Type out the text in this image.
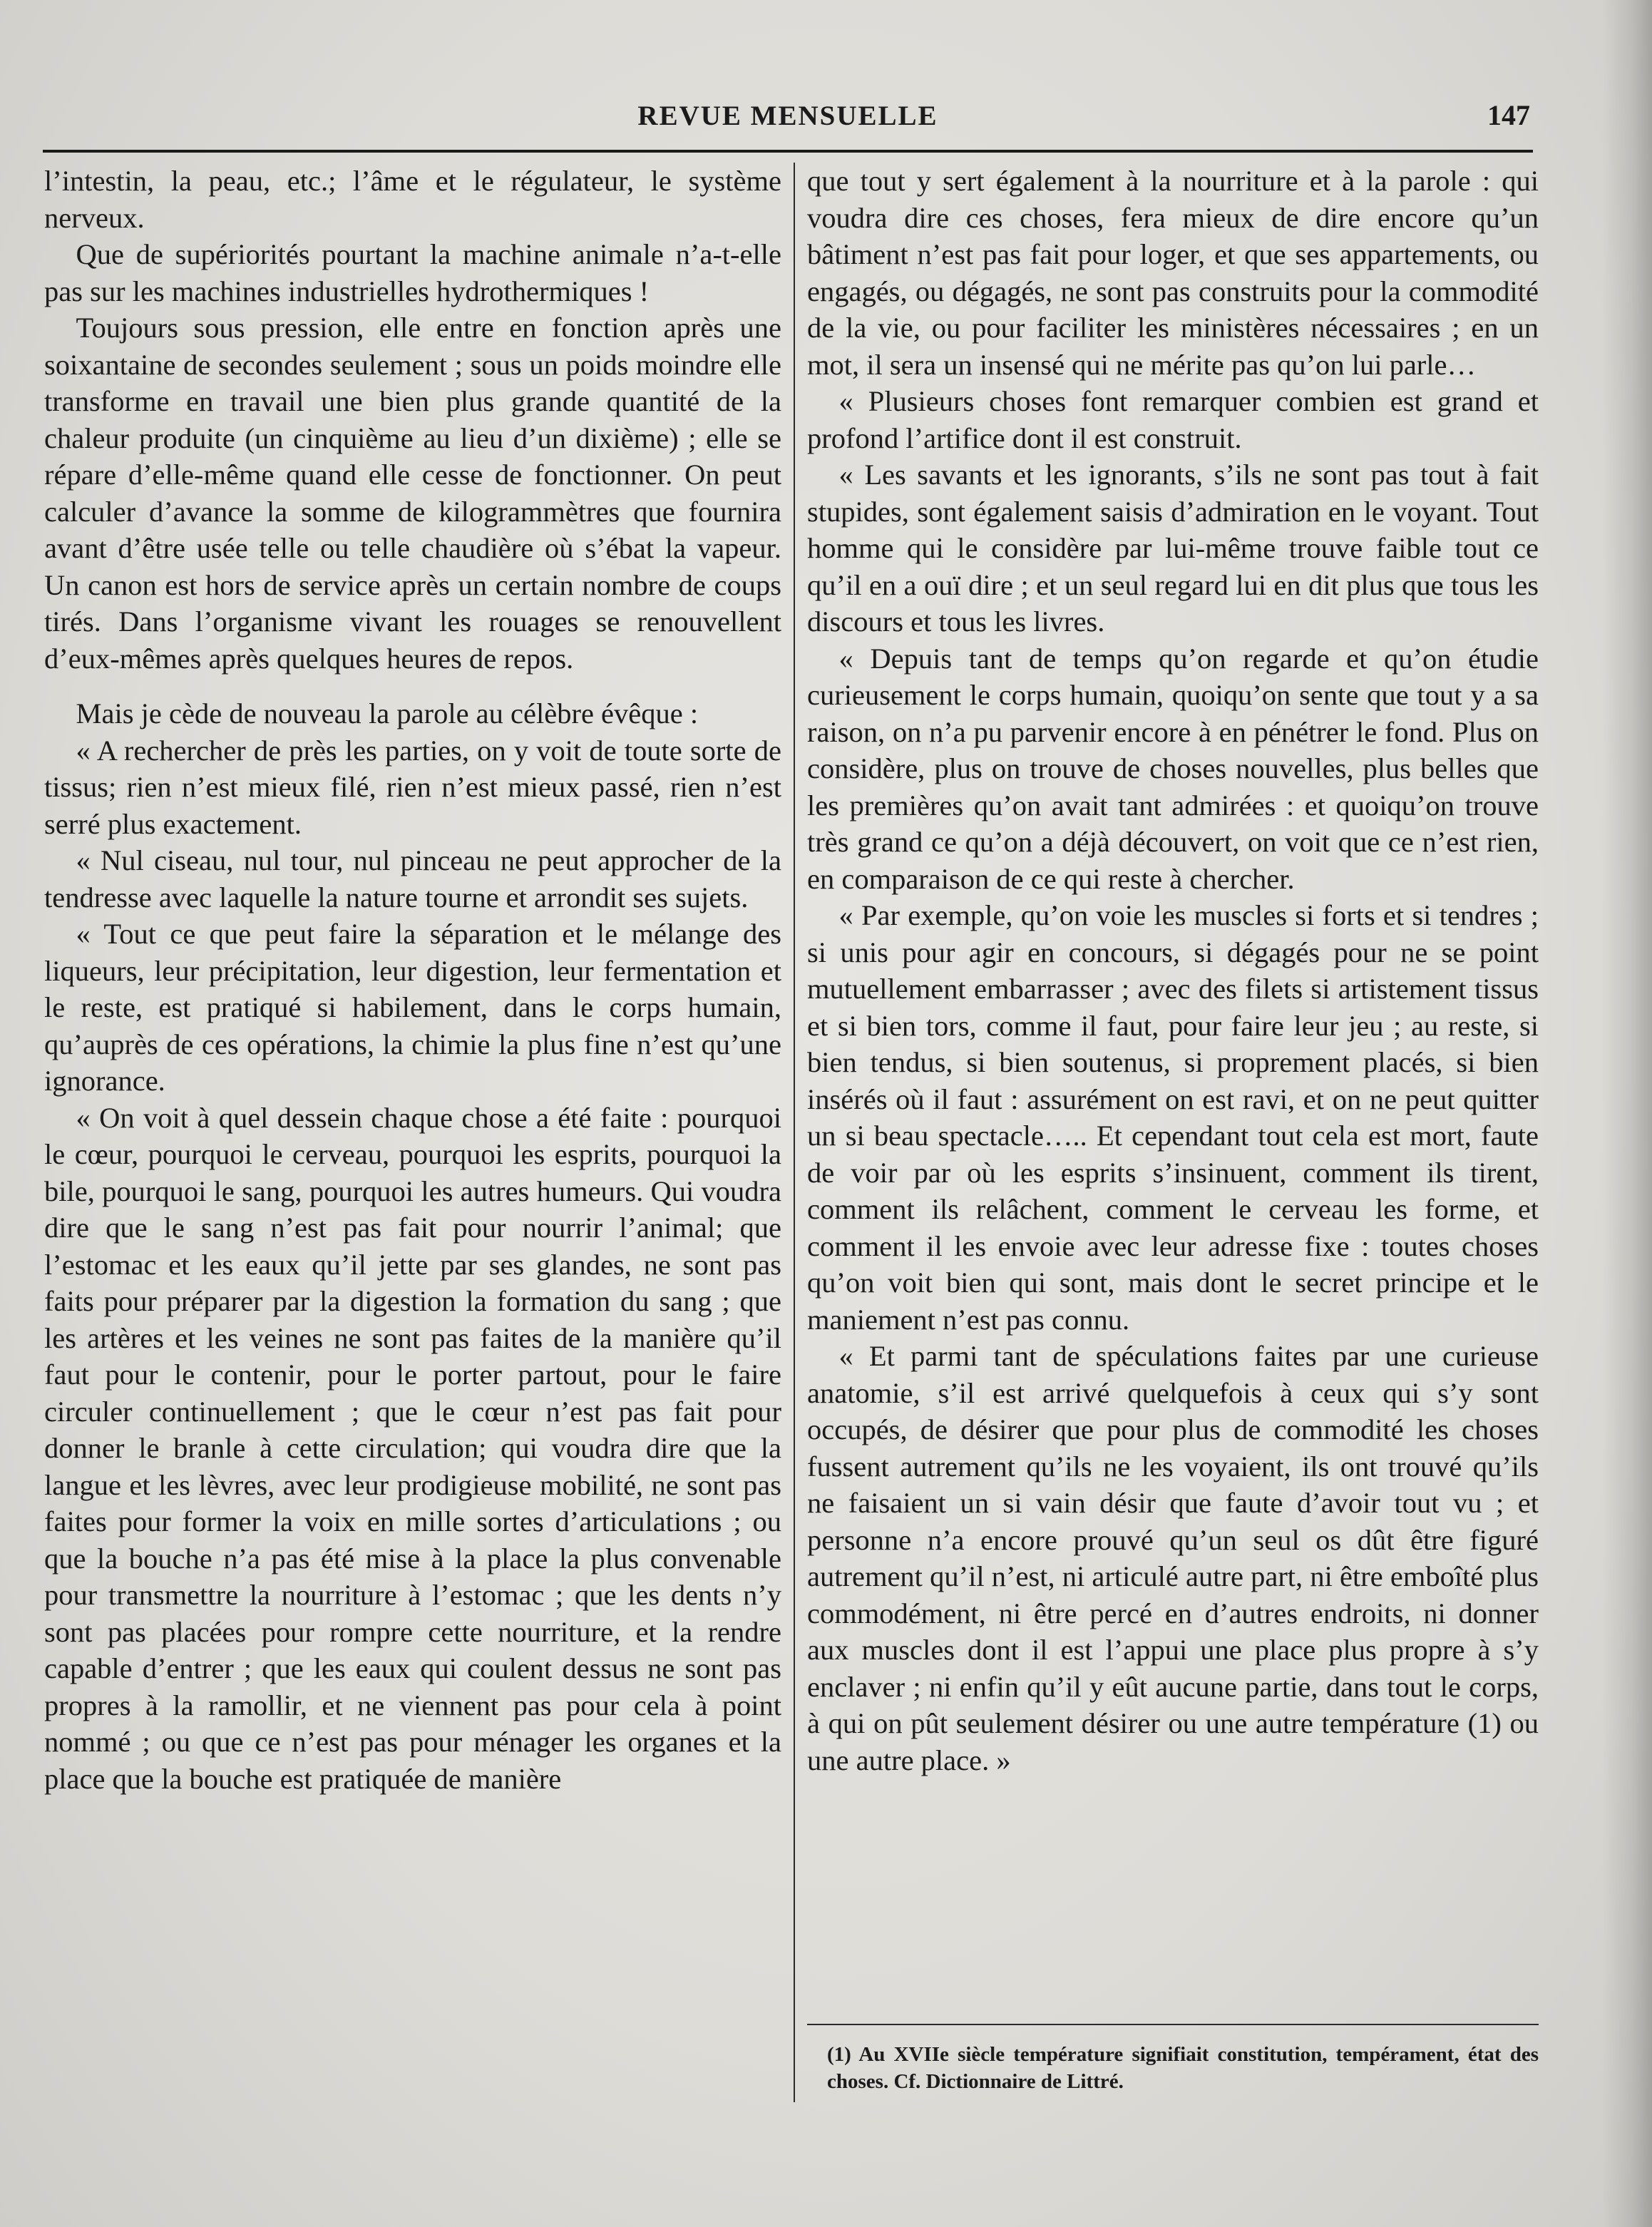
REVUE MENSUELLE	147

l’intestin, la peau, etc.; l’âme et le régulateur, le système nerveux.

Que de supériorités pourtant la machine animale n’a-t-elle pas sur les machines industrielles hydrothermiques !

Toujours sous pression, elle entre en fonction après une soixantaine de secondes seulement ; sous un poids moindre elle transforme en travail une bien plus grande quantité de la chaleur produite (un cinquième au lieu d’un dixième) ; elle se répare d’elle-même quand elle cesse de fonctionner. On peut calculer d’avance la somme de kilogrammètres que fournira avant d’être usée telle ou telle chaudière où s’ébat la vapeur. Un canon est hors de service après un certain nombre de coups tirés. Dans l’organisme vivant les rouages se renouvellent d’eux-mêmes après quelques heures de repos.

Mais je cède de nouveau la parole au célèbre évêque :

« A rechercher de près les parties, on y voit de toute sorte de tissus; rien n’est mieux filé, rien n’est mieux passé, rien n’est serré plus exactement.

« Nul ciseau, nul tour, nul pinceau ne peut approcher de la tendresse avec laquelle la nature tourne et arrondit ses sujets.

« Tout ce que peut faire la séparation et le mélange des liqueurs, leur précipitation, leur digestion, leur fermentation et le reste, est pratiqué si habilement, dans le corps humain, qu’auprès de ces opérations, la chimie la plus fine n’est qu’une ignorance.

« On voit à quel dessein chaque chose a été faite : pourquoi le cœur, pourquoi le cerveau, pourquoi les esprits, pourquoi la bile, pourquoi le sang, pourquoi les autres humeurs. Qui voudra dire que le sang n’est pas fait pour nourrir l’animal; que l’estomac et les eaux qu’il jette par ses glandes, ne sont pas faits pour préparer par la digestion la formation du sang ; que les artères et les veines ne sont pas faites de la manière qu’il faut pour le contenir, pour le porter partout, pour le faire circuler continuellement ; que le cœur n’est pas fait pour donner le branle à cette circulation; qui voudra dire que la langue et les lèvres, avec leur prodigieuse mobilité, ne sont pas faites pour former la voix en mille sortes d’articulations ; ou que la bouche n’a pas été mise à la place la plus convenable pour transmettre la nourriture à l’estomac ; que les dents n’y sont pas placées pour rompre cette nourriture, et la rendre capable d’entrer ; que les eaux qui coulent dessus ne sont pas propres à la ramollir, et ne viennent pas pour cela à point nommé ; ou que ce n’est pas pour ménager les organes et la place que la bouche est pratiquée de manière

que tout y sert également à la nourriture et à la parole : qui voudra dire ces choses, fera mieux de dire encore qu’un bâtiment n’est pas fait pour loger, et que ses appartements, ou engagés, ou dégagés, ne sont pas construits pour la commodité de la vie, ou pour faciliter les ministères nécessaires ; en un mot, il sera un insensé qui ne mérite pas qu’on lui parle…

« Plusieurs choses font remarquer combien est grand et profond l’artifice dont il est construit.

« Les savants et les ignorants, s’ils ne sont pas tout à fait stupides, sont également saisis d’admiration en le voyant. Tout homme qui le considère par lui-même trouve faible tout ce qu’il en a ouï dire ; et un seul regard lui en dit plus que tous les discours et tous les livres.

« Depuis tant de temps qu’on regarde et qu’on étudie curieusement le corps humain, quoiqu’on sente que tout y a sa raison, on n’a pu parvenir encore à en pénétrer le fond. Plus on considère, plus on trouve de choses nouvelles, plus belles que les premières qu’on avait tant admirées : et quoiqu’on trouve très grand ce qu’on a déjà découvert, on voit que ce n’est rien, en comparaison de ce qui reste à chercher.

« Par exemple, qu’on voie les muscles si forts et si tendres ; si unis pour agir en concours, si dégagés pour ne se point mutuellement embarrasser ; avec des filets si artistement tissus et si bien tors, comme il faut, pour faire leur jeu ; au reste, si bien tendus, si bien soutenus, si proprement placés, si bien insérés où il faut : assurément on est ravi, et on ne peut quitter un si beau spectacle….. Et cependant tout cela est mort, faute de voir par où les esprits s’insinuent, comment ils tirent, comment ils relâchent, comment le cerveau les forme, et comment il les envoie avec leur adresse fixe : toutes choses qu’on voit bien qui sont, mais dont le secret principe et le maniement n’est pas connu.

« Et parmi tant de spéculations faites par une curieuse anatomie, s’il est arrivé quelquefois à ceux qui s’y sont occupés, de désirer que pour plus de commodité les choses fussent autrement qu’ils ne les voyaient, ils ont trouvé qu’ils ne faisaient un si vain désir que faute d’avoir tout vu ; et personne n’a encore prouvé qu’un seul os dût être figuré autrement qu’il n’est, ni articulé autre part, ni être emboîté plus commodément, ni être percé en d’autres endroits, ni donner aux muscles dont il est l’appui une place plus propre à s’y enclaver ; ni enfin qu’il y eût aucune partie, dans tout le corps, à qui on pût seulement désirer ou une autre température (1) ou une autre place. »

(1) Au XVIIe siècle température signifiait constitution, tempérament, état des choses. Cf. Dictionnaire de Littré.
